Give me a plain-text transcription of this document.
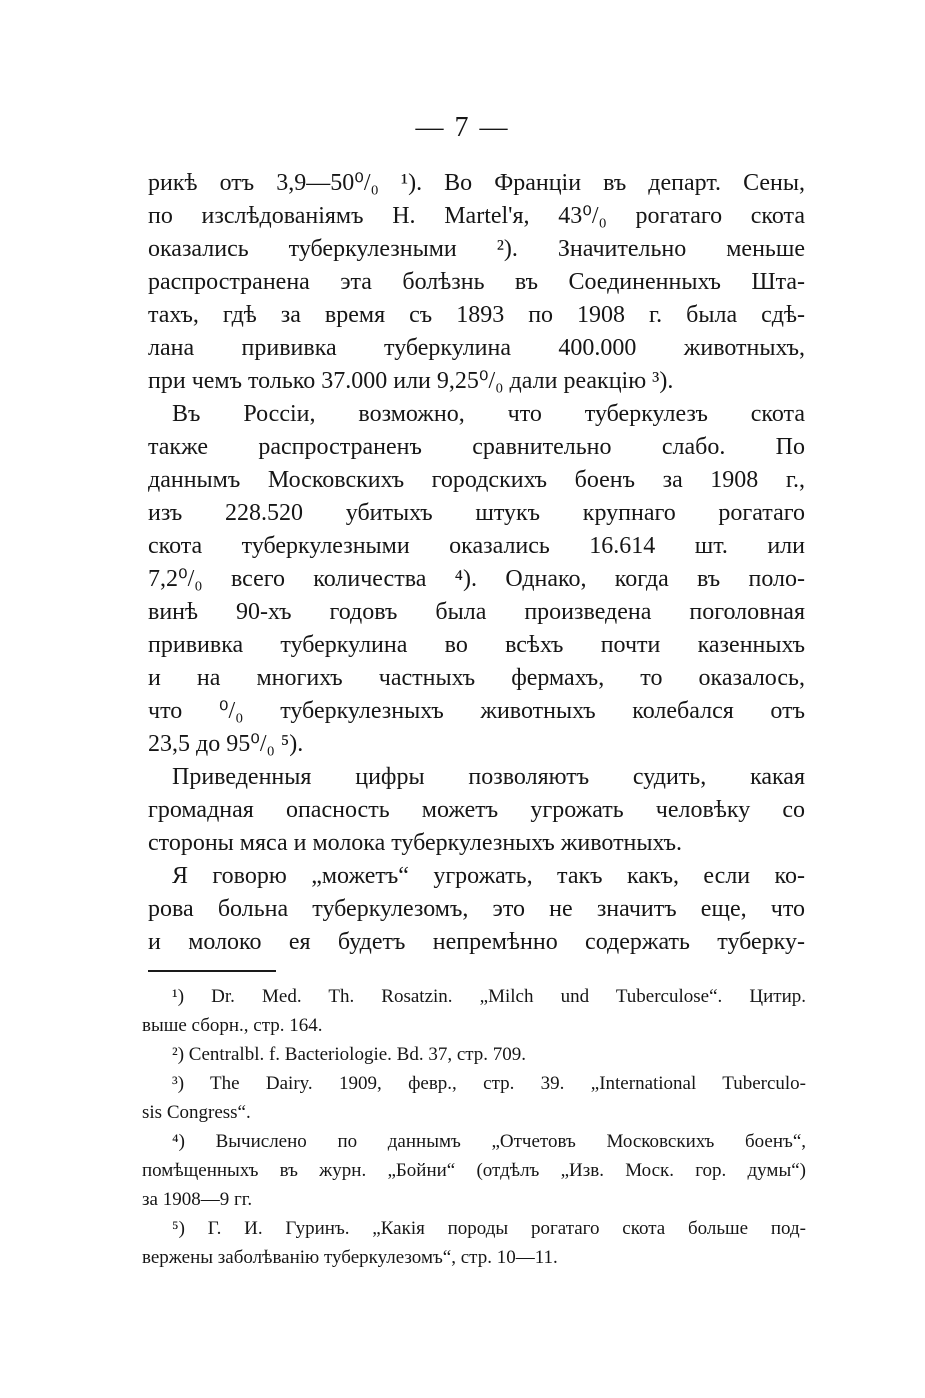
— 7 —
рикѣ отъ 3,9—50⁰/₀ ¹). Во Франціи въ департ. Сены,
по изслѣдованіямъ H. Martel'я, 43⁰/₀ рогатаго скота
оказались туберкулезными ²). Значительно меньше
распространена эта болѣзнь въ Соединенныхъ Шта-
тахъ, гдѣ за время съ 1893 по 1908 г. была сдѣ-
лана прививка туберкулина 400.000 животныхъ,
при чемъ только 37.000 или 9,25⁰/₀ дали реакцію ³).
Въ Россіи, возможно, что туберкулезъ скота
также распространенъ сравнительно слабо. По
даннымъ Московскихъ городскихъ боенъ за 1908 г.,
изъ 228.520 убитыхъ штукъ крупнаго рогатаго
скота туберкулезными оказались 16.614 шт. или
7,2⁰/₀ всего количества ⁴). Однако, когда въ поло-
винѣ 90-хъ годовъ была произведена поголовная
прививка туберкулина во всѣхъ почти казенныхъ
и на многихъ частныхъ фермахъ, то оказалось,
что ⁰/₀ туберкулезныхъ животныхъ колебался отъ
23,5 до 95⁰/₀ ⁵).
Приведенныя цифры позволяютъ судить, какая
громадная опасность можетъ угрожать человѣку со
стороны мяса и молока туберкулезныхъ животныхъ.
Я говорю „можетъ“ угрожать, такъ какъ, если ко-
рова больна туберкулезомъ, это не значитъ еще, что
и молоко ея будетъ непремѣнно содержать туберку-
¹) Dr. Med. Th. Rosatzin. „Milch und Tuberculose“. Цитир.
выше сборн., стр. 164.
²) Centralbl. f. Bacteriologie. Bd. 37, стр. 709.
³) The Dairy. 1909, февр., стр. 39. „International Tuberculo-
sis Congress“.
⁴) Вычислено по даннымъ „Отчетовъ Московскихъ боенъ“,
помѣщенныхъ въ журн. „Бойни“ (отдѣлъ „Изв. Моск. гор. думы“)
за 1908—9 гг.
⁵) Г. И. Гуринъ. „Какія породы рогатаго скота больше под-
вержены заболѣванію туберкулезомъ“, стр. 10—11.
